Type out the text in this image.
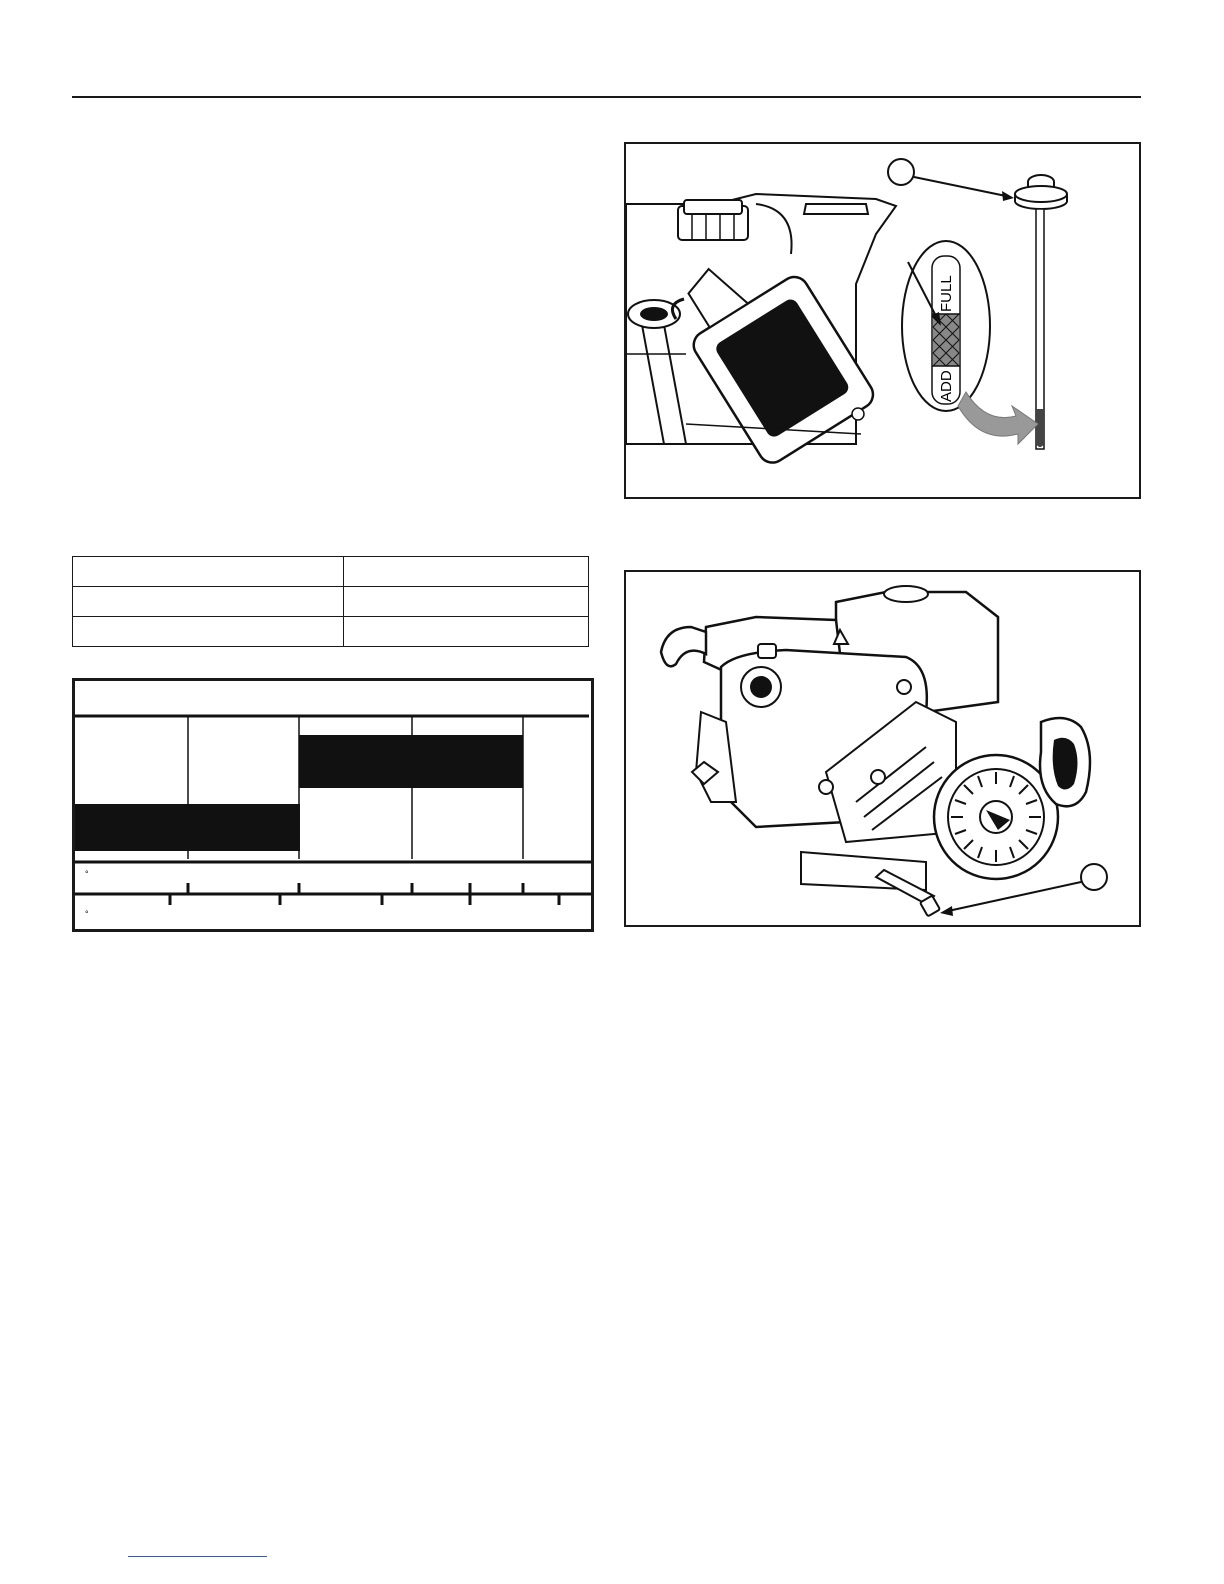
FULL
ADD

°
°
